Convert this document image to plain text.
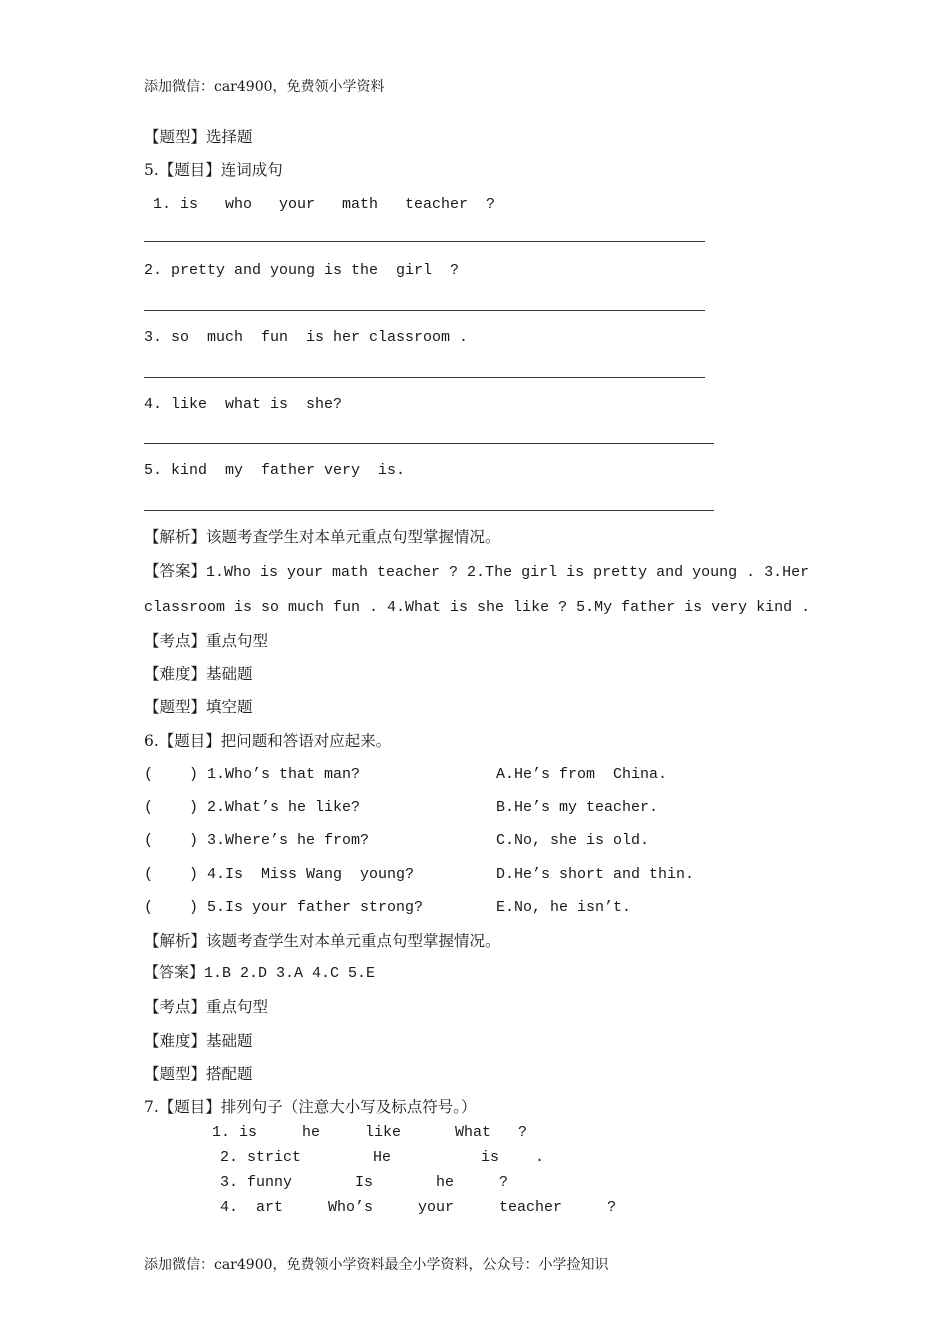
添加微信：car4900，免费领小学资料
【题型】选择题
5.【题目】连词成句
1. is   who   your   math   teacher  ?
2. pretty and young is the  girl  ?
3. so  much  fun  is her classroom .
4. like  what is  she?
5. kind  my  father very  is.
【解析】该题考查学生对本单元重点句型掌握情况。
【答案】1.Who is your math teacher ? 2.The girl is pretty and young . 3.Her
classroom is so much fun . 4.What is she like ? 5.My father is very kind .
【考点】重点句型
【难度】基础题
【题型】填空题
6.【题目】把问题和答语对应起来。
(    ) 1.Who’s that man?	A.He’s from  China.
(    ) 2.What’s he like?	B.He’s my teacher.
(    ) 3.Where’s he from?	C.No, she is old.
(    ) 4.Is  Miss Wang  young?	D.He’s short and thin.
(    ) 5.Is your father strong?	E.No, he isn’t.
【解析】该题考查学生对本单元重点句型掌握情况。
【答案】1.B 2.D 3.A 4.C 5.E
【考点】重点句型
【难度】基础题
【题型】搭配题
7.【题目】排列句子（注意大小写及标点符号。）
1. is     he     like      What   ?
2. strict        He          is    .
3. funny       Is       he     ?
4.  art     Who’s     your     teacher     ?
添加微信：car4900，免费领小学资料最全小学资料，公众号：小学捡知识
